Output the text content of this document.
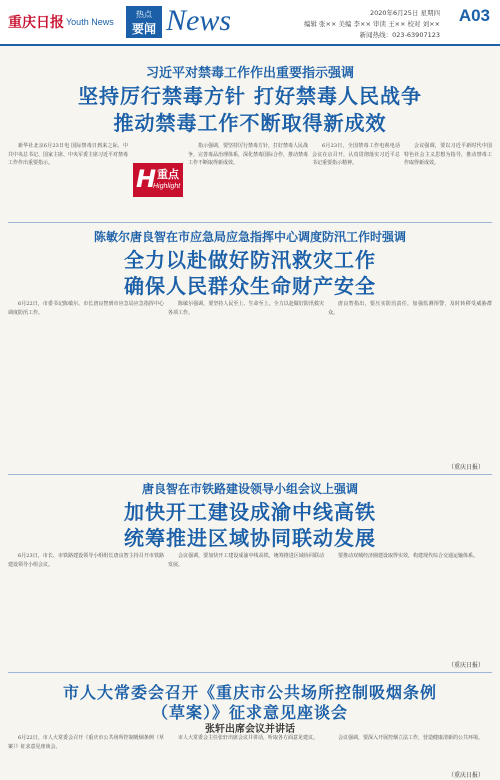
重庆日报 Youth News
热点
要闻 News	2020年6月25日 星期四
编辑 张×× 美编 李×× 审读 王×× 校对 刘××
新闻热线：023-63907123
A03
习近平对禁毒工作作出重要指示强调
坚持厉行禁毒方针 打好禁毒人民战争
推动禁毒工作不断取得新成效

新华社北京6月23日电 国际禁毒日到来之际，中共中央总书记、国家主席、中央军委主席习近平对禁毒工作作出重要指示。

指示强调，要坚持厉行禁毒方针，打好禁毒人民战争，完善毒品治理体系，深化禁毒国际合作，推动禁毒工作不断取得新成效。

6月23日，全国禁毒工作电视电话会议在京召开，认真贯彻落实习近平总书记重要指示精神。

会议强调，要以习近平新时代中国特色社会主义思想为指导，推动禁毒工作取得新成效。

H 重点
Highlight
陈敏尔唐良智在市应急局应急指挥中心调度防汛工作时强调
全力以赴做好防汛救灾工作
确保人民群众生命财产安全

6月22日，市委书记陈敏尔、市长唐良智到市应急局应急指挥中心调度防汛工作。

陈敏尔强调，要坚持人民至上、生命至上，全力以赴做好防汛救灾各项工作。

唐良智指出，要压实防汛责任，加强监测预警，及时转移受威胁群众。

（重庆日报）
唐良智在市铁路建设领导小组会议上强调
加快开工建设成渝中线高铁
统筹推进区域协同联动发展

6月23日，市长、市铁路建设领导小组组长唐良智主持召开市铁路建设领导小组会议。

会议强调，要加快开工建设成渝中线高铁，统筹推进区域协同联动发展。

要推动双城经济圈建设取得实效，构建现代综合交通运输体系。

（重庆日报）
市人大常委会召开《重庆市公共场所控制吸烟条例
（草案）》征求意见座谈会
张轩出席会议并讲话

6月22日，市人大常委会召开《重庆市公共场所控制吸烟条例（草案）》征求意见座谈会。

市人大常委会主任张轩出席会议并讲话，听取各方面意见建议。	会议强调，要深入开展控烟立法工作，营造健康清新的公共环境。

（重庆日报）
